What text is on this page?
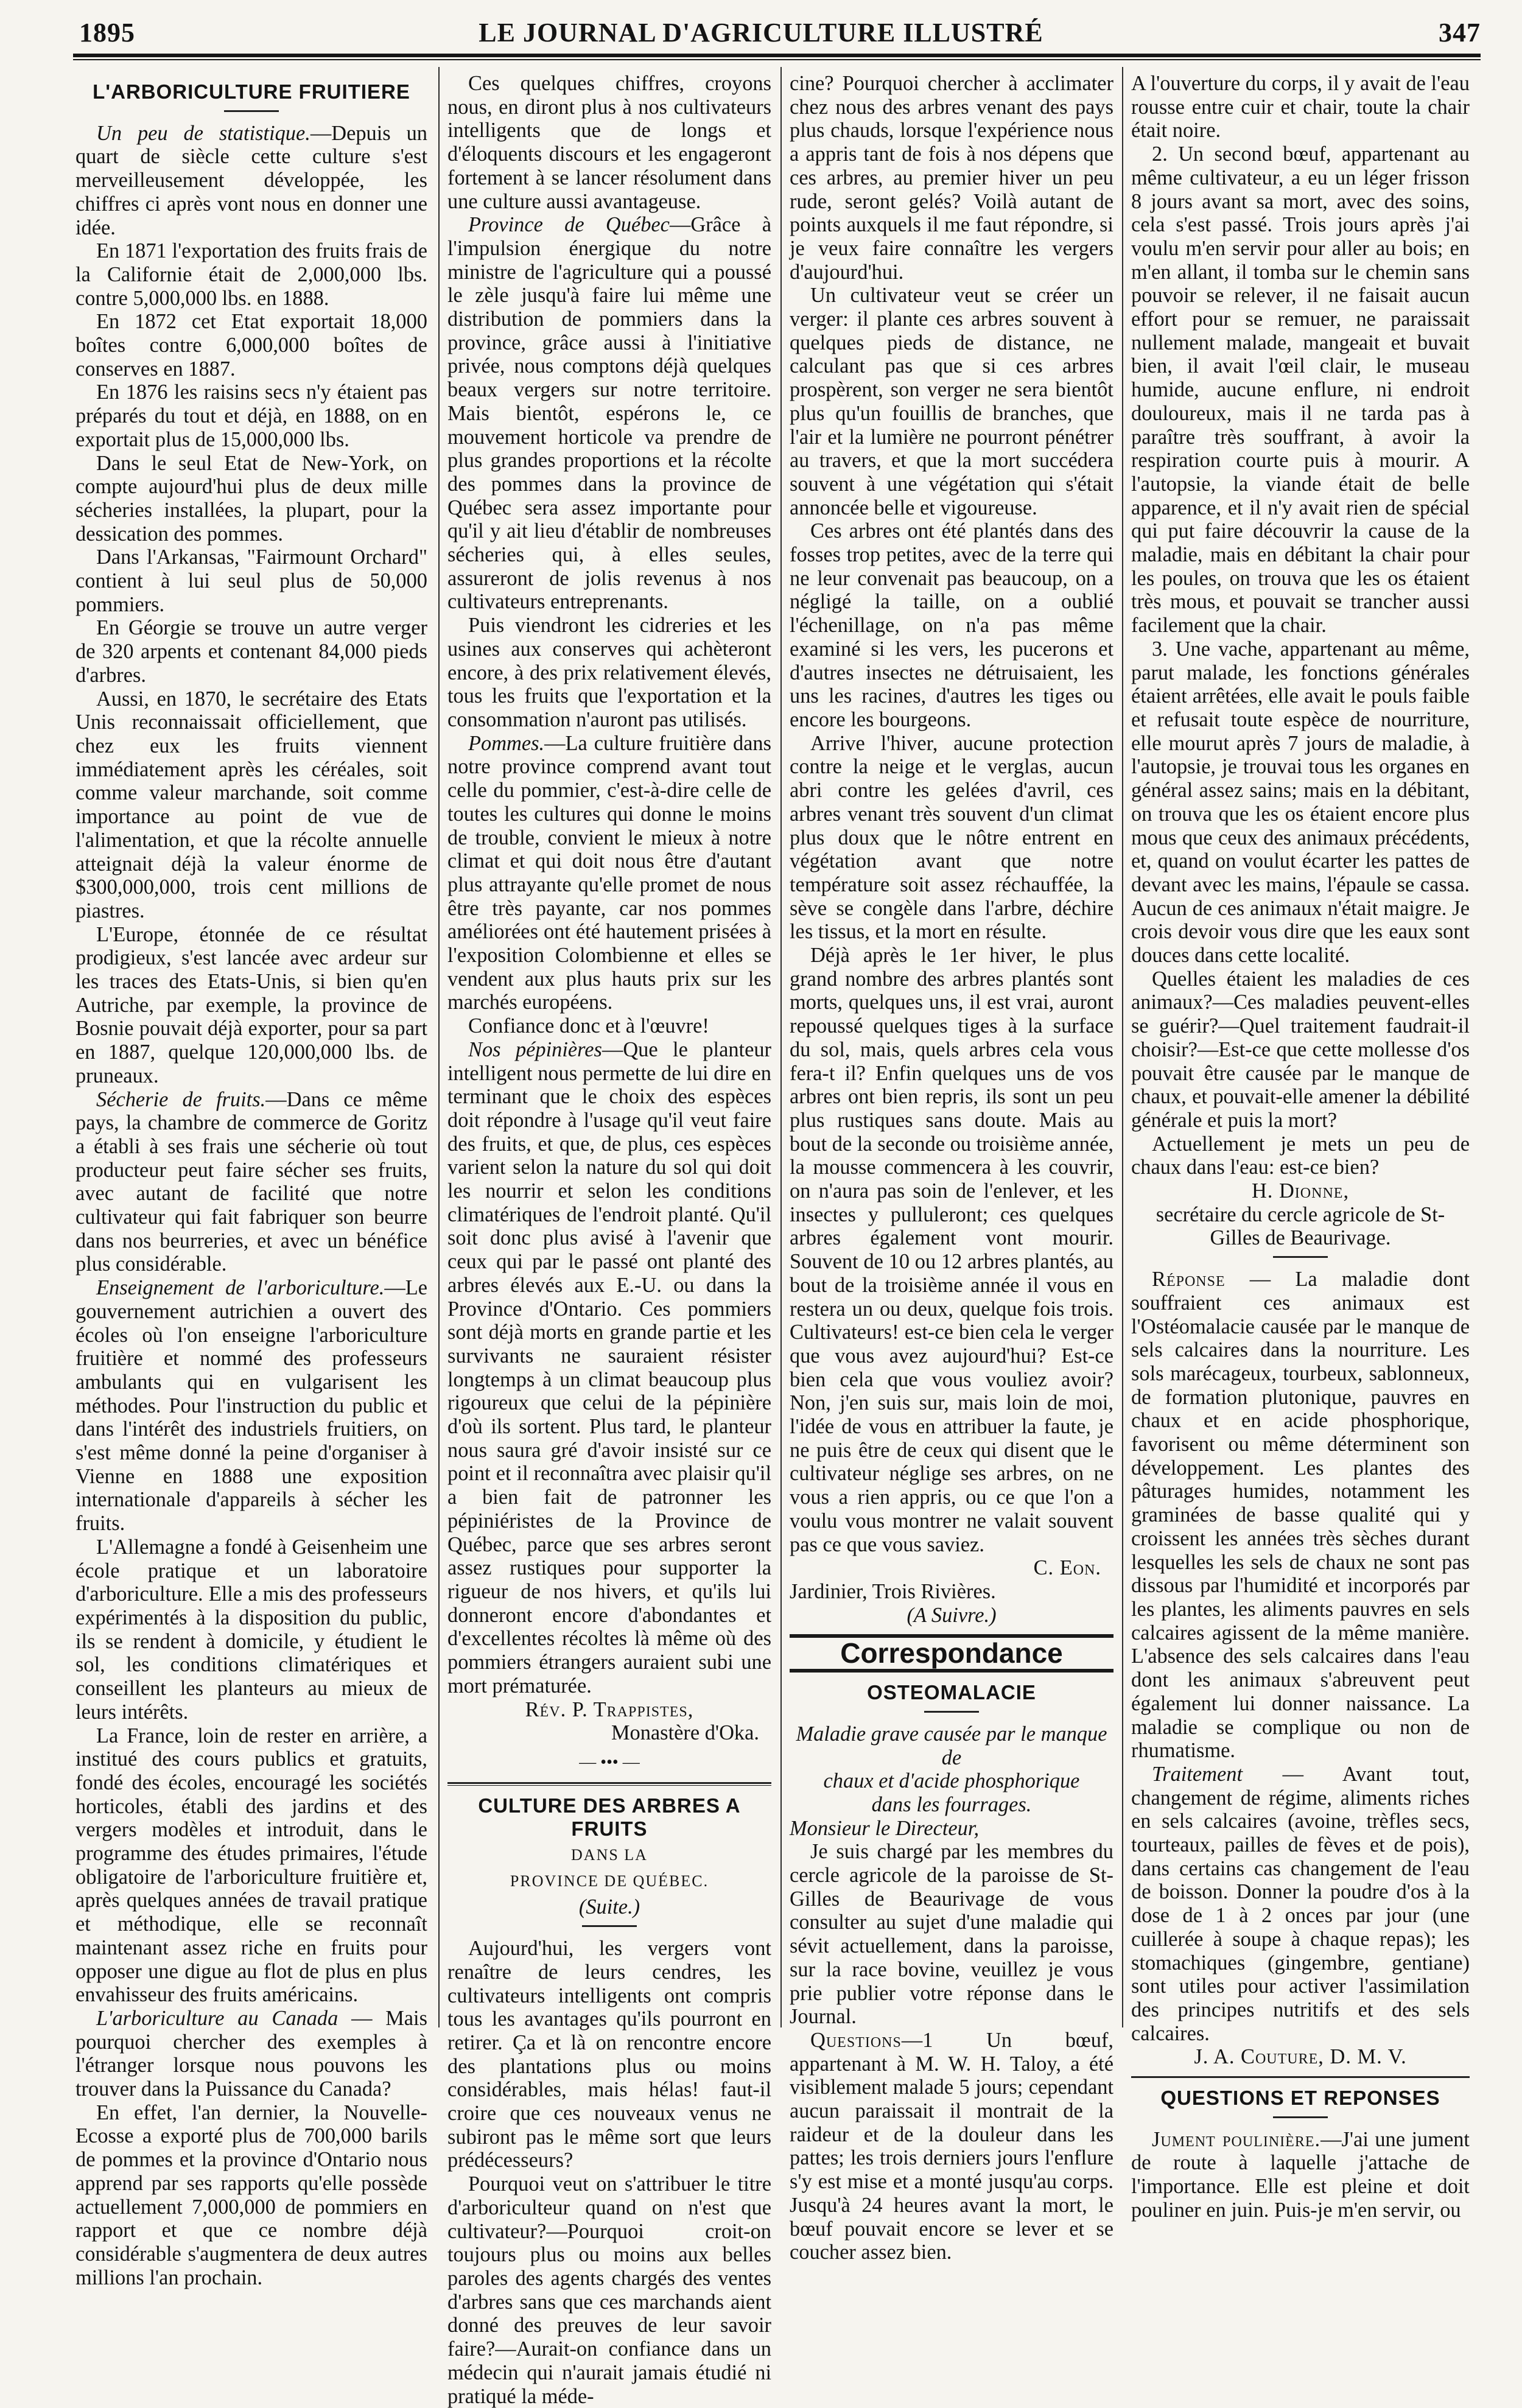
1895	LE JOURNAL D'AGRICULTURE ILLUSTRÉ	347
L'ARBORICULTURE FRUITIERE

Un peu de statistique.—Depuis un quart de siècle cette culture s'est merveilleusement développée, les chiffres ci après vont nous en donner une idée.

En 1871 l'exportation des fruits frais de la Californie était de 2,000,000 lbs. contre 5,000,000 lbs. en 1888.

En 1872 cet Etat exportait 18,000 boîtes contre 6,000,000 boîtes de conserves en 1887.

En 1876 les raisins secs n'y étaient pas préparés du tout et déjà, en 1888, on en exportait plus de 15,000,000 lbs.

Dans le seul Etat de New-York, on compte aujourd'hui plus de deux mille sécheries installées, la plupart, pour la dessication des pommes.

Dans l'Arkansas, "Fairmount Orchard" contient à lui seul plus de 50,000 pommiers.

En Géorgie se trouve un autre verger de 320 arpents et contenant 84,000 pieds d'arbres.

Aussi, en 1870, le secrétaire des Etats Unis reconnaissait officiellement, que chez eux les fruits viennent immédiatement après les céréales, soit comme valeur marchande, soit comme importance au point de vue de l'alimentation, et que la récolte annuelle atteignait déjà la valeur énorme de $300,000,000, trois cent millions de piastres.

L'Europe, étonnée de ce résultat prodigieux, s'est lancée avec ardeur sur les traces des Etats-Unis, si bien qu'en Autriche, par exemple, la province de Bosnie pouvait déjà exporter, pour sa part en 1887, quelque 120,000,000 lbs. de pruneaux.

Sécherie de fruits.—Dans ce même pays, la chambre de commerce de Goritz a établi à ses frais une sécherie où tout producteur peut faire sécher ses fruits, avec autant de facilité que notre cultivateur qui fait fabriquer son beurre dans nos beurreries, et avec un bénéfice plus considérable.

Enseignement de l'arboriculture.—Le gouvernement autrichien a ouvert des écoles où l'on enseigne l'arboriculture fruitière et nommé des professeurs ambulants qui en vulgarisent les méthodes. Pour l'instruction du public et dans l'intérêt des industriels fruitiers, on s'est même donné la peine d'organiser à Vienne en 1888 une exposition internationale d'appareils à sécher les fruits.

L'Allemagne a fondé à Geisenheim une école pratique et un laboratoire d'arboriculture. Elle a mis des professeurs expérimentés à la disposition du public, ils se rendent à domicile, y étudient le sol, les conditions climatériques et conseillent les planteurs au mieux de leurs intérêts.

La France, loin de rester en arrière, a institué des cours publics et gratuits, fondé des écoles, encouragé les sociétés horticoles, établi des jardins et des vergers modèles et introduit, dans le programme des études primaires, l'étude obligatoire de l'arboriculture fruitière et, après quelques années de travail pratique et méthodique, elle se reconnaît maintenant assez riche en fruits pour opposer une digue au flot de plus en plus envahisseur des fruits américains.

L'arboriculture au Canada — Mais pourquoi chercher des exemples à l'étranger lorsque nous pouvons les trouver dans la Puissance du Canada?

En effet, l'an dernier, la Nouvelle-Ecosse a exporté plus de 700,000 barils de pommes et la province d'Ontario nous apprend par ses rapports qu'elle possède actuellement 7,000,000 de pommiers en rapport et que ce nombre déjà considérable s'augmentera de deux autres millions l'an prochain.

Ces quelques chiffres, croyons nous, en diront plus à nos cultivateurs intelligents que de longs et d'éloquents discours et les engageront fortement à se lancer résolument dans une culture aussi avantageuse.

Province de Québec—Grâce à l'impulsion énergique du notre ministre de l'agriculture qui a poussé le zèle jusqu'à faire lui même une distribution de pommiers dans la province, grâce aussi à l'initiative privée, nous comptons déjà quelques beaux vergers sur notre territoire. Mais bientôt, espérons le, ce mouvement horticole va prendre de plus grandes proportions et la récolte des pommes dans la province de Québec sera assez importante pour qu'il y ait lieu d'établir de nombreuses sécheries qui, à elles seules, assureront de jolis revenus à nos cultivateurs entreprenants.

Puis viendront les cidreries et les usines aux conserves qui achèteront encore, à des prix relativement élevés, tous les fruits que l'exportation et la consommation n'auront pas utilisés.

Pommes.—La culture fruitière dans notre province comprend avant tout celle du pommier, c'est-à-dire celle de toutes les cultures qui donne le moins de trouble, convient le mieux à notre climat et qui doit nous être d'autant plus attrayante qu'elle promet de nous être très payante, car nos pommes améliorées ont été hautement prisées à l'exposition Colombienne et elles se vendent aux plus hauts prix sur les marchés européens.

Confiance donc et à l'œuvre!

Nos pépinières—Que le planteur intelligent nous permette de lui dire en terminant que le choix des espèces doit répondre à l'usage qu'il veut faire des fruits, et que, de plus, ces espèces varient selon la nature du sol qui doit les nourrir et selon les conditions climatériques de l'endroit planté. Qu'il soit donc plus avisé à l'avenir que ceux qui par le passé ont planté des arbres élevés aux E.-U. ou dans la Province d'Ontario. Ces pommiers sont déjà morts en grande partie et les survivants ne sauraient résister longtemps à un climat beaucoup plus rigoureux que celui de la pépinière d'où ils sortent. Plus tard, le planteur nous saura gré d'avoir insisté sur ce point et il reconnaîtra avec plaisir qu'il a bien fait de patronner les pépiniéristes de la Province de Québec, parce que ses arbres seront assez rustiques pour supporter la rigueur de nos hivers, et qu'ils lui donneront encore d'abondantes et d'excellentes récoltes là même où des pommiers étrangers auraient subi une mort prématurée.

Rév. P. Trappistes,
Monastère d'Oka.
— ••• —
CULTURE DES ARBRES A FRUITS
DANS LA
PROVINCE DE QUÉBEC.
(Suite.)

Aujourd'hui, les vergers vont renaître de leurs cendres, les cultivateurs intelligents ont compris tous les avantages qu'ils pourront en retirer. Ça et là on rencontre encore des plantations plus ou moins considérables, mais hélas! faut-il croire que ces nouveaux venus ne subiront pas le même sort que leurs prédécesseurs?

Pourquoi veut on s'attribuer le titre d'arboriculteur quand on n'est que cultivateur?—Pourquoi croit-on toujours plus ou moins aux belles paroles des agents chargés des ventes d'arbres sans que ces marchands aient donné des preuves de leur savoir faire?—Aurait-on confiance dans un médecin qui n'aurait jamais étudié ni pratiqué la méde-

cine? Pourquoi chercher à acclimater chez nous des arbres venant des pays plus chauds, lorsque l'expérience nous a appris tant de fois à nos dépens que ces arbres, au premier hiver un peu rude, seront gelés? Voilà autant de points auxquels il me faut répondre, si je veux faire connaître les vergers d'aujourd'hui.

Un cultivateur veut se créer un verger: il plante ces arbres souvent à quelques pieds de distance, ne calculant pas que si ces arbres prospèrent, son verger ne sera bientôt plus qu'un fouillis de branches, que l'air et la lumière ne pourront pénétrer au travers, et que la mort succédera souvent à une végétation qui s'était annoncée belle et vigoureuse.

Ces arbres ont été plantés dans des fosses trop petites, avec de la terre qui ne leur convenait pas beaucoup, on a négligé la taille, on a oublié l'échenillage, on n'a pas même examiné si les vers, les pucerons et d'autres insectes ne détruisaient, les uns les racines, d'autres les tiges ou encore les bourgeons.

Arrive l'hiver, aucune protection contre la neige et le verglas, aucun abri contre les gelées d'avril, ces arbres venant très souvent d'un climat plus doux que le nôtre entrent en végétation avant que notre température soit assez réchauffée, la sève se congèle dans l'arbre, déchire les tissus, et la mort en résulte.

Déjà après le 1er hiver, le plus grand nombre des arbres plantés sont morts, quelques uns, il est vrai, auront repoussé quelques tiges à la surface du sol, mais, quels arbres cela vous fera-t il? Enfin quelques uns de vos arbres ont bien repris, ils sont un peu plus rustiques sans doute. Mais au bout de la seconde ou troisième année, la mousse commencera à les couvrir, on n'aura pas soin de l'enlever, et les insectes y pulluleront; ces quelques arbres également vont mourir. Souvent de 10 ou 12 arbres plantés, au bout de la troisième année il vous en restera un ou deux, quelque fois trois. Cultivateurs! est-ce bien cela le verger que vous avez aujourd'hui? Est-ce bien cela que vous vouliez avoir? Non, j'en suis sur, mais loin de moi, l'idée de vous en attribuer la faute, je ne puis être de ceux qui disent que le cultivateur néglige ses arbres, on ne vous a rien appris, ou ce que l'on a voulu vous montrer ne valait souvent pas ce que vous saviez.

C. Eon.
Jardinier, Trois Rivières.
(A Suivre.)
Correspondance
OSTEOMALACIE
Maladie grave causée par le manque de
chaux et d'acide phosphorique
dans les fourrages.

Monsieur le Directeur,

Je suis chargé par les membres du cercle agricole de la paroisse de St-Gilles de Beaurivage de vous consulter au sujet d'une maladie qui sévit actuellement, dans la paroisse, sur la race bovine, veuillez je vous prie publier votre réponse dans le Journal.

Questions—1 Un bœuf, appartenant à M. W. H. Taloy, a été visiblement malade 5 jours; cependant aucun paraissait il montrait de la raideur et de la douleur dans les pattes; les trois derniers jours l'enflure s'y est mise et a monté jusqu'au corps. Jusqu'à 24 heures avant la mort, le bœuf pouvait encore se lever et se coucher assez bien.

A l'ouverture du corps, il y avait de l'eau rousse entre cuir et chair, toute la chair était noire.

2. Un second bœuf, appartenant au même cultivateur, a eu un léger frisson 8 jours avant sa mort, avec des soins, cela s'est passé. Trois jours après j'ai voulu m'en servir pour aller au bois; en m'en allant, il tomba sur le chemin sans pouvoir se relever, il ne faisait aucun effort pour se remuer, ne paraissait nullement malade, mangeait et buvait bien, il avait l'œil clair, le museau humide, aucune enflure, ni endroit douloureux, mais il ne tarda pas à paraître très souffrant, à avoir la respiration courte puis à mourir. A l'autopsie, la viande était de belle apparence, et il n'y avait rien de spécial qui put faire découvrir la cause de la maladie, mais en débitant la chair pour les poules, on trouva que les os étaient très mous, et pouvait se trancher aussi facilement que la chair.

3. Une vache, appartenant au même, parut malade, les fonctions générales étaient arrêtées, elle avait le pouls faible et refusait toute espèce de nourriture, elle mourut après 7 jours de maladie, à l'autopsie, je trouvai tous les organes en général assez sains; mais en la débitant, on trouva que les os étaient encore plus mous que ceux des animaux précédents, et, quand on voulut écarter les pattes de devant avec les mains, l'épaule se cassa. Aucun de ces animaux n'était maigre. Je crois devoir vous dire que les eaux sont douces dans cette localité.

Quelles étaient les maladies de ces animaux?—Ces maladies peuvent-elles se guérir?—Quel traitement faudrait-il choisir?—Est-ce que cette mollesse d'os pouvait être causée par le manque de chaux, et pouvait-elle amener la débilité générale et puis la mort?

Actuellement je mets un peu de chaux dans l'eau: est-ce bien?

H. Dionne,
secrétaire du cercle agricole de St-Gilles de Beaurivage.

Réponse — La maladie dont souffraient ces animaux est l'Ostéomalacie causée par le manque de sels calcaires dans la nourriture. Les sols marécageux, tourbeux, sablonneux, de formation plutonique, pauvres en chaux et en acide phosphorique, favorisent ou même déterminent son développement. Les plantes des pâturages humides, notamment les graminées de basse qualité qui y croissent les années très sèches durant lesquelles les sels de chaux ne sont pas dissous par l'humidité et incorporés par les plantes, les aliments pauvres en sels calcaires agissent de la même manière. L'absence des sels calcaires dans l'eau dont les animaux s'abreuvent peut également lui donner naissance. La maladie se complique ou non de rhumatisme.

Traitement — Avant tout, changement de régime, aliments riches en sels calcaires (avoine, trèfles secs, tourteaux, pailles de fèves et de pois), dans certains cas changement de l'eau de boisson. Donner la poudre d'os à la dose de 1 à 2 onces par jour (une cuillerée à soupe à chaque repas); les stomachiques (gingembre, gentiane) sont utiles pour activer l'assimilation des principes nutritifs et des sels calcaires.

J. A. Couture, D. M. V.
QUESTIONS ET REPONSES

Jument poulinière.—J'ai une jument de route à laquelle j'attache de l'importance. Elle est pleine et doit pouliner en juin. Puis-je m'en servir, ou
